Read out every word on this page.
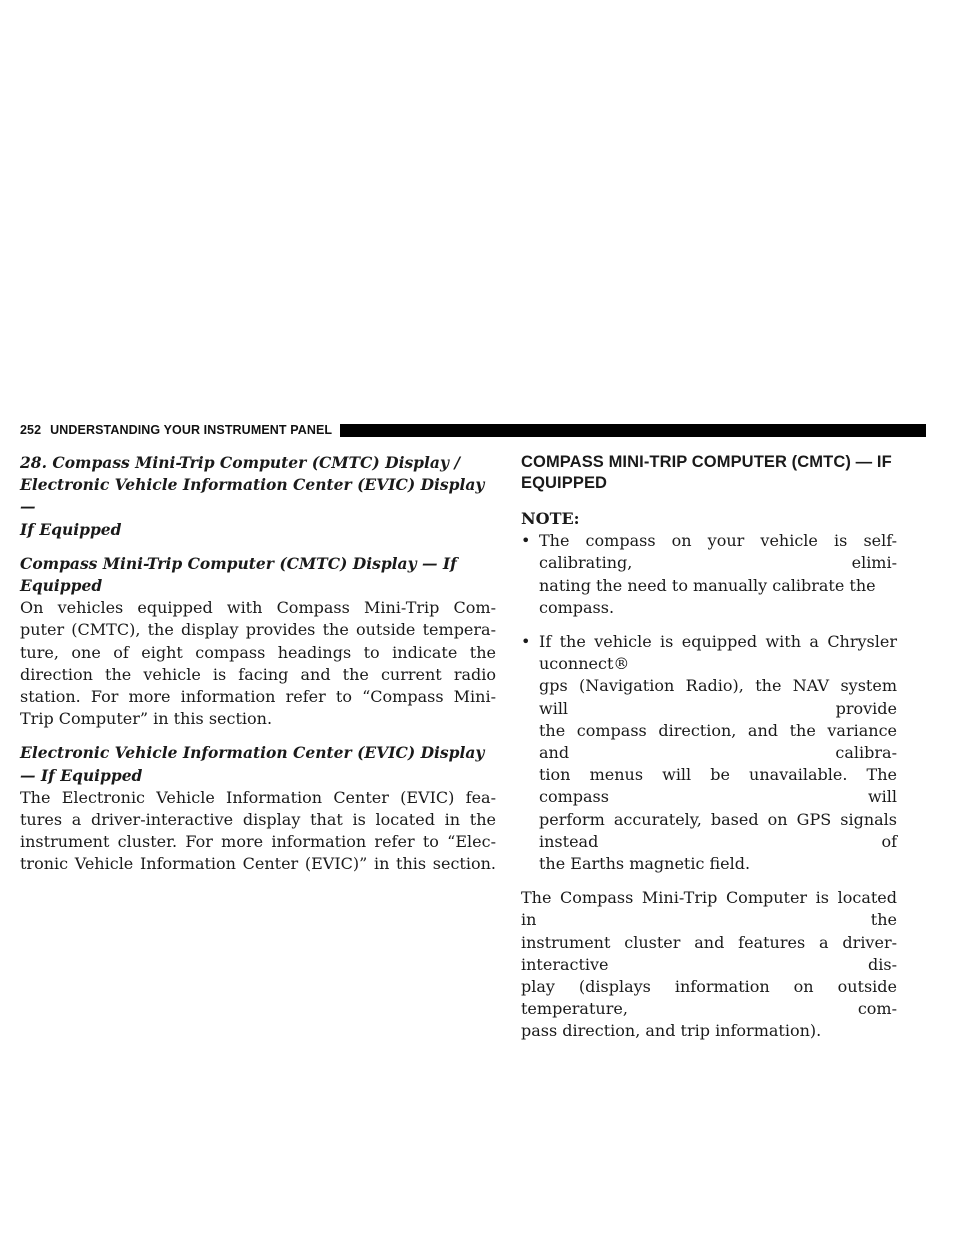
252 UNDERSTANDING YOUR INSTRUMENT PANEL

28. Compass Mini-Trip Computer (CMTC) Display /

Electronic Vehicle Information Center (EVIC) Display—

If Equipped

Compass Mini-Trip Computer (CMTC) Display — If

Equipped

On vehicles equipped with Compass Mini-Trip Com-

puter (CMTC), the display provides the outside tempera-

ture, one of eight compass headings to indicate the

direction the vehicle is facing and the current radio

station. For more information refer to “Compass Mini-

Trip Computer” in this section.

Electronic Vehicle Information Center (EVIC) Display

— If Equipped

The Electronic Vehicle Information Center (EVIC) fea-

tures a driver-interactive display that is located in the

instrument cluster. For more information refer to “Elec-

tronic Vehicle Information Center (EVIC)” in this section.

COMPASS MINI-TRIP COMPUTER (CMTC) — IF

EQUIPPED

NOTE:

• The compass on your vehicle is self-calibrating, elimi-

nating the need to manually calibrate the compass.

• If the vehicle is equipped with a Chrysler uconnect®

gps (Navigation Radio), the NAV system will provide

the compass direction, and the variance and calibra-

tion menus will be unavailable. The compass will

perform accurately, based on GPS signals instead of

the Earths magnetic field.

The Compass Mini-Trip Computer is located in the

instrument cluster and features a driver-interactive dis-

play (displays information on outside temperature, com-

pass direction, and trip information).
